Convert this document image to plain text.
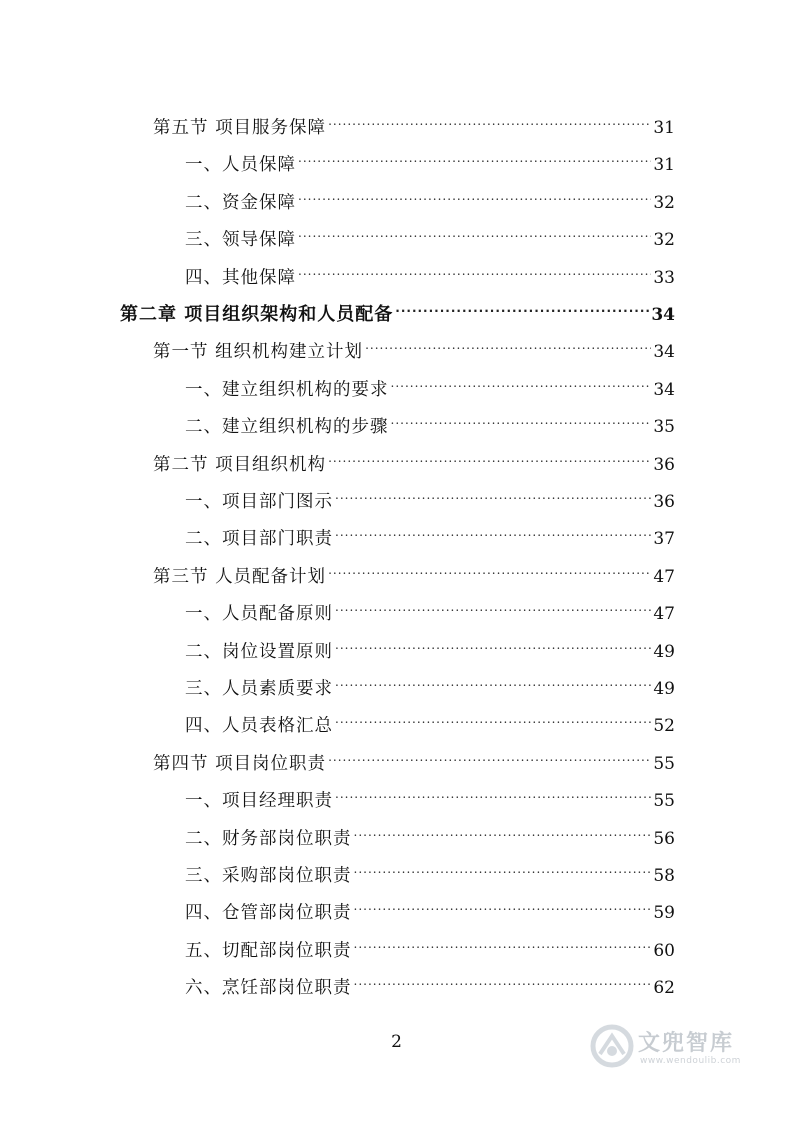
第五节 项目服务保障 .....	31
一、人员保障 .....	31
二、资金保障 .....	32
三、领导保障 .....	32
四、其他保障 .....	33
第二章 项目组织架构和人员配备 .....	34
第一节 组织机构建立计划 .....	34
一、建立组织机构的要求 .....	34
二、建立组织机构的步骤 .....	35
第二节 项目组织机构 .....	36
一、项目部门图示 .....	36
二、项目部门职责 .....	37
第三节 人员配备计划 .....	47
一、人员配备原则 .....	47
二、岗位设置原则 .....	49
三、人员素质要求 .....	49
四、人员表格汇总 .....	52
第四节 项目岗位职责 .....	55
一、项目经理职责 .....	55
二、财务部岗位职责 .....	56
三、采购部岗位职责 .....	58
四、仓管部岗位职责 .....	59
五、切配部岗位职责 .....	60
六、烹饪部岗位职责 .....	62
2	文兜智库
www.wendoulib.com
